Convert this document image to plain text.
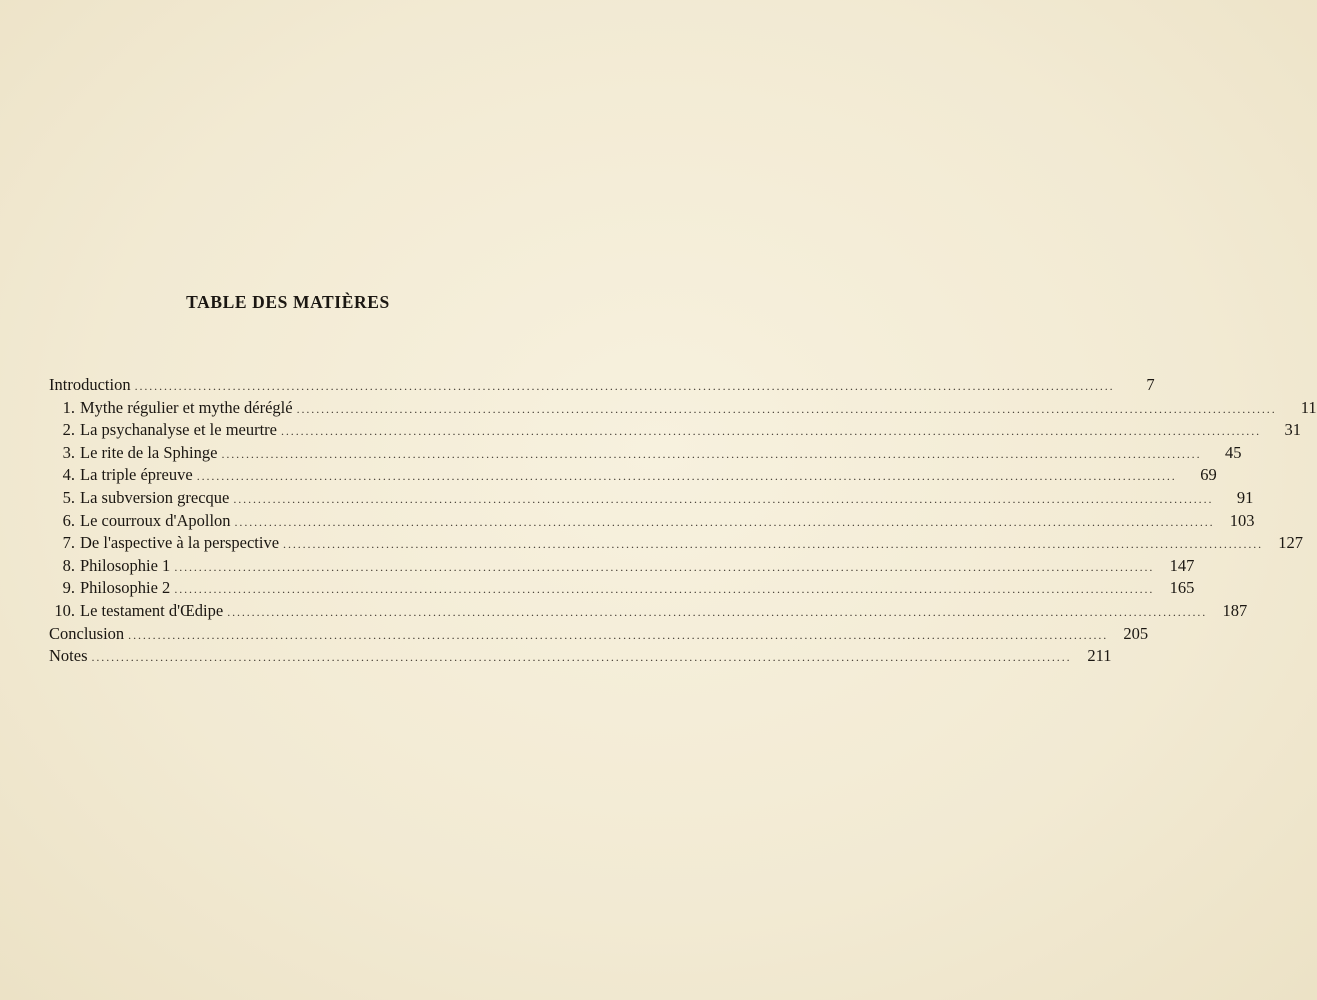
TABLE DES MATIÈRES
Introduction ........................................................................................................................................................................................................	7
1. Mythe régulier et mythe déréglé ........................................................................................................................................................................................................	11
2. La psychanalyse et le meurtre ........................................................................................................................................................................................................	31
3. Le rite de la Sphinge ........................................................................................................................................................................................................	45
4. La triple épreuve ........................................................................................................................................................................................................	69
5. La subversion grecque ........................................................................................................................................................................................................	91
6. Le courroux d'Apollon ........................................................................................................................................................................................................ 103
7. De l'aspective à la perspective ........................................................................................................................................................................................................ 127
8. Philosophie 1 ........................................................................................................................................................................................................ 147
9. Philosophie 2 ........................................................................................................................................................................................................ 165
10. Le testament d'Œdipe ........................................................................................................................................................................................................ 187
Conclusion ........................................................................................................................................................................................................ 205
Notes ........................................................................................................................................................................................................ 211
